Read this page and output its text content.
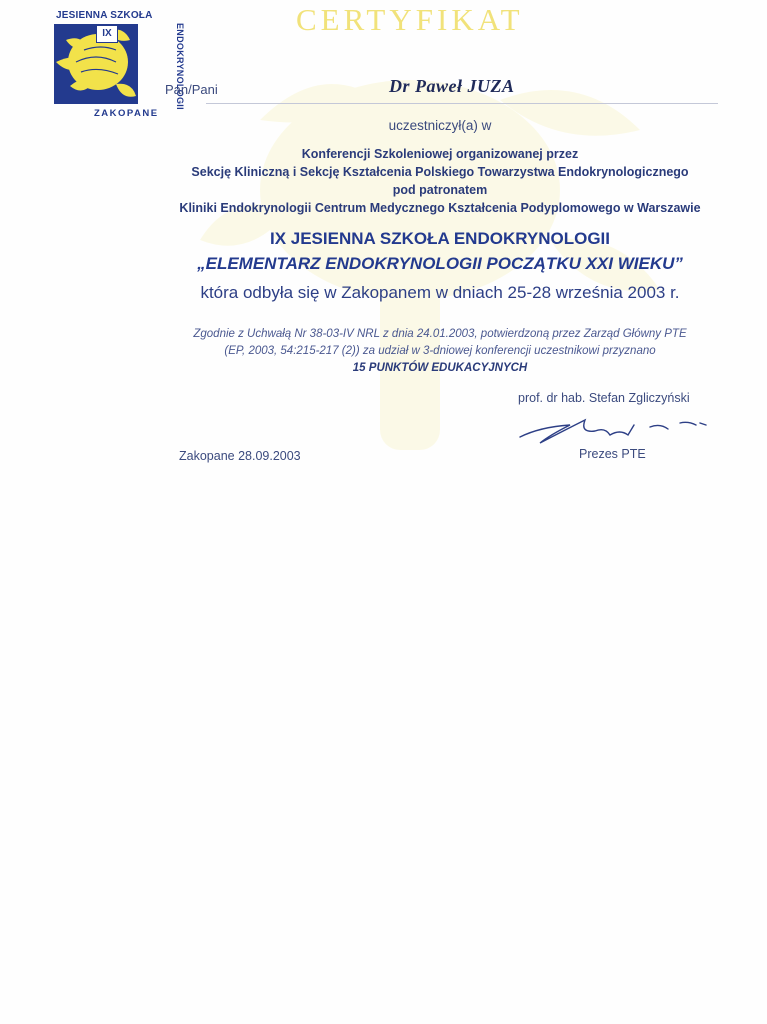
JESIENNA SZKOŁA
IX	ENDOKRYNOLOGII
ZAKOPANE
CERTYFIKAT
Pan/Pani	Dr Paweł JUZA
uczestniczył(a) w
Konferencji Szkoleniowej organizowanej przez
Sekcję Kliniczną i Sekcję Kształcenia Polskiego Towarzystwa Endokrynologicznego
pod patronatem
Kliniki Endokrynologii Centrum Medycznego Kształcenia Podyplomowego w Warszawie
IX JESIENNA SZKOŁA ENDOKRYNOLOGII
„ELEMENTARZ ENDOKRYNOLOGII POCZĄTKU XXI WIEKU”
która odbyła się w Zakopanem w dniach 25-28 września 2003 r.
Zgodnie z Uchwałą Nr 38-03-IV NRL z dnia 24.01.2003, potwierdzoną przez Zarząd Główny PTE
(EP, 2003, 54:215-217 (2)) za udział w 3-dniowej konferencji uczestnikowi przyznano
15 PUNKTÓW EDUKACYJNYCH
prof. dr hab. Stefan Zgliczyński
Zakopane 28.09.2003	Prezes PTE
